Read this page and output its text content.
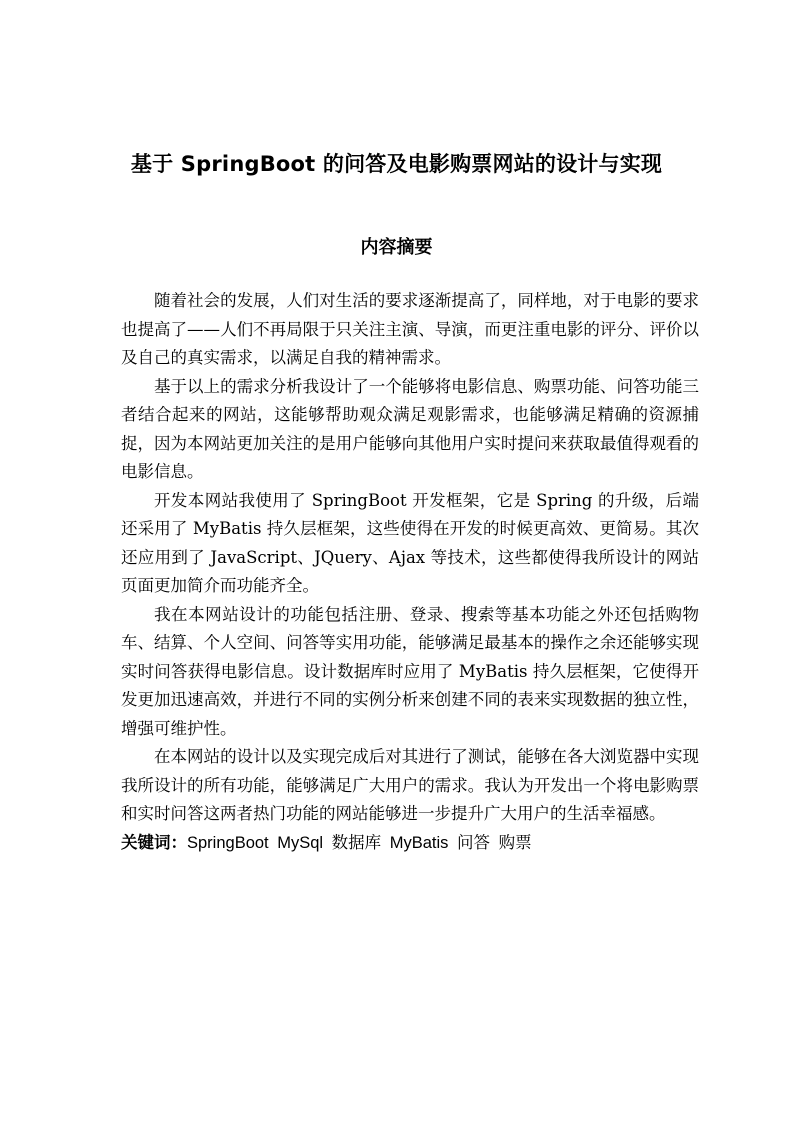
基于 SpringBoot 的问答及电影购票网站的设计与实现
内容摘要

随着社会的发展，人们对生活的要求逐渐提高了，同样地，对于电影的要求也提高了——人们不再局限于只关注主演、导演，而更注重电影的评分、评价以及自己的真实需求，以满足自我的精神需求。

基于以上的需求分析我设计了一个能够将电影信息、购票功能、问答功能三者结合起来的网站，这能够帮助观众满足观影需求，也能够满足精确的资源捕捉，因为本网站更加关注的是用户能够向其他用户实时提问来获取最值得观看的电影信息。

开发本网站我使用了 SpringBoot 开发框架，它是 Spring 的升级，后端还采用了 MyBatis 持久层框架，这些使得在开发的时候更高效、更简易。其次还应用到了 JavaScript、JQuery、Ajax 等技术，这些都使得我所设计的网站页面更加简介而功能齐全。

我在本网站设计的功能包括注册、登录、搜索等基本功能之外还包括购物车、结算、个人空间、问答等实用功能，能够满足最基本的操作之余还能够实现实时问答获得电影信息。设计数据库时应用了 MyBatis 持久层框架，它使得开发更加迅速高效，并进行不同的实例分析来创建不同的表来实现数据的独立性，增强可维护性。

在本网站的设计以及实现完成后对其进行了测试，能够在各大浏览器中实现我所设计的所有功能，能够满足广大用户的需求。我认为开发出一个将电影购票和实时问答这两者热门功能的网站能够进一步提升广大用户的生活幸福感。

关键词：SpringBoot MySql 数据库 MyBatis 问答 购票
